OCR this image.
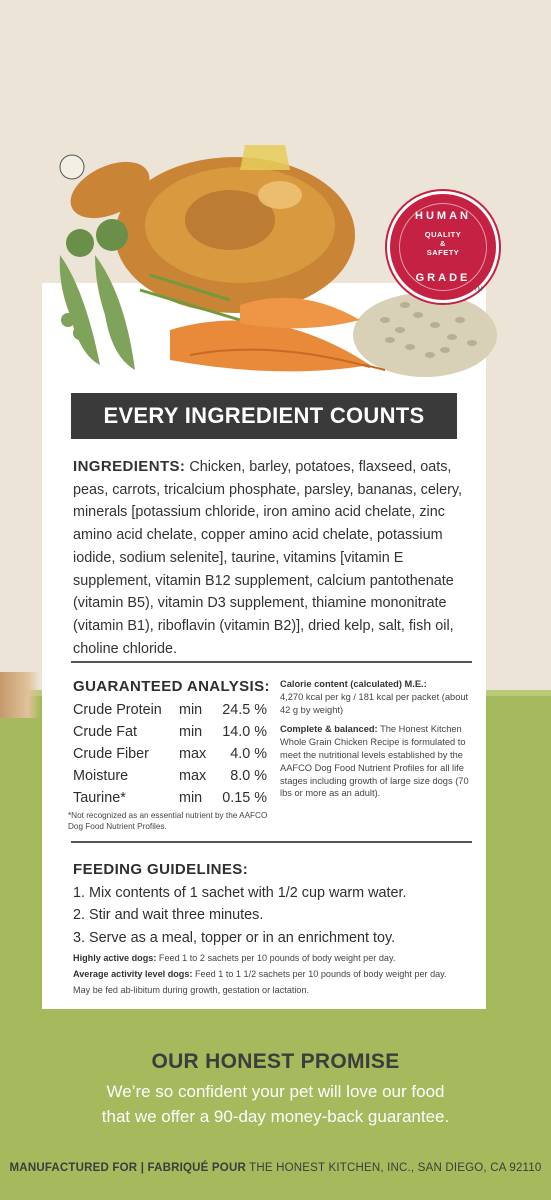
HUMAN
QUALITY
&
SAFETY
GRADE
TM
EVERY INGREDIENT COUNTS
INGREDIENTS: Chicken, barley, potatoes, flaxseed, oats, peas, carrots, tricalcium phosphate, parsley, bananas, celery, minerals [potassium chloride, iron amino acid chelate, zinc amino acid chelate, copper amino acid chelate, potassium iodide, sodium selenite], taurine, vitamins [vitamin E supplement, vitamin B12 supplement, calcium pantothenate (vitamin B5), vitamin D3 supplement, thiamine mononitrate (vitamin B1), riboflavin (vitamin B2)], dried kelp, salt, fish oil, choline chloride.
GUARANTEED ANALYSIS:
Crude Protein min 24.5 %
Crude Fat	min 14.0 %
Crude Fiber max 4.0 %
Moisture	max 8.0 %
Taurine*	min 0.15 %
*Not recognized as an essential nutrient by the AAFCO Dog Food Nutrient Profiles.
Calorie content (calculated) M.E.:
4,270 kcal per kg / 181 kcal per packet (about 42 g by weight)
Complete & balanced: The Honest Kitchen Whole Grain Chicken Recipe is formulated to meet the nutritional levels established by the AAFCO Dog Food Nutrient Profiles for all life stages including growth of large size dogs (70 lbs or more as an adult).
FEEDING GUIDELINES:
1. Mix contents of 1 sachet with 1/2 cup warm water.
2. Stir and wait three minutes.
3. Serve as a meal, topper or in an enrichment toy.
Highly active dogs: Feed 1 to 2 sachets per 10 pounds of body weight per day.
Average activity level dogs: Feed 1 to 1 1/2 sachets per 10 pounds of body weight per day.
May be fed ab-libitum during growth, gestation or lactation.
OUR HONEST PROMISE
We’re so confident your pet will love our food
that we offer a 90-day money-back guarantee.
MANUFACTURED FOR | FABRIQUÉ POUR THE HONEST KITCHEN, INC., SAN DIEGO, CA 92110
